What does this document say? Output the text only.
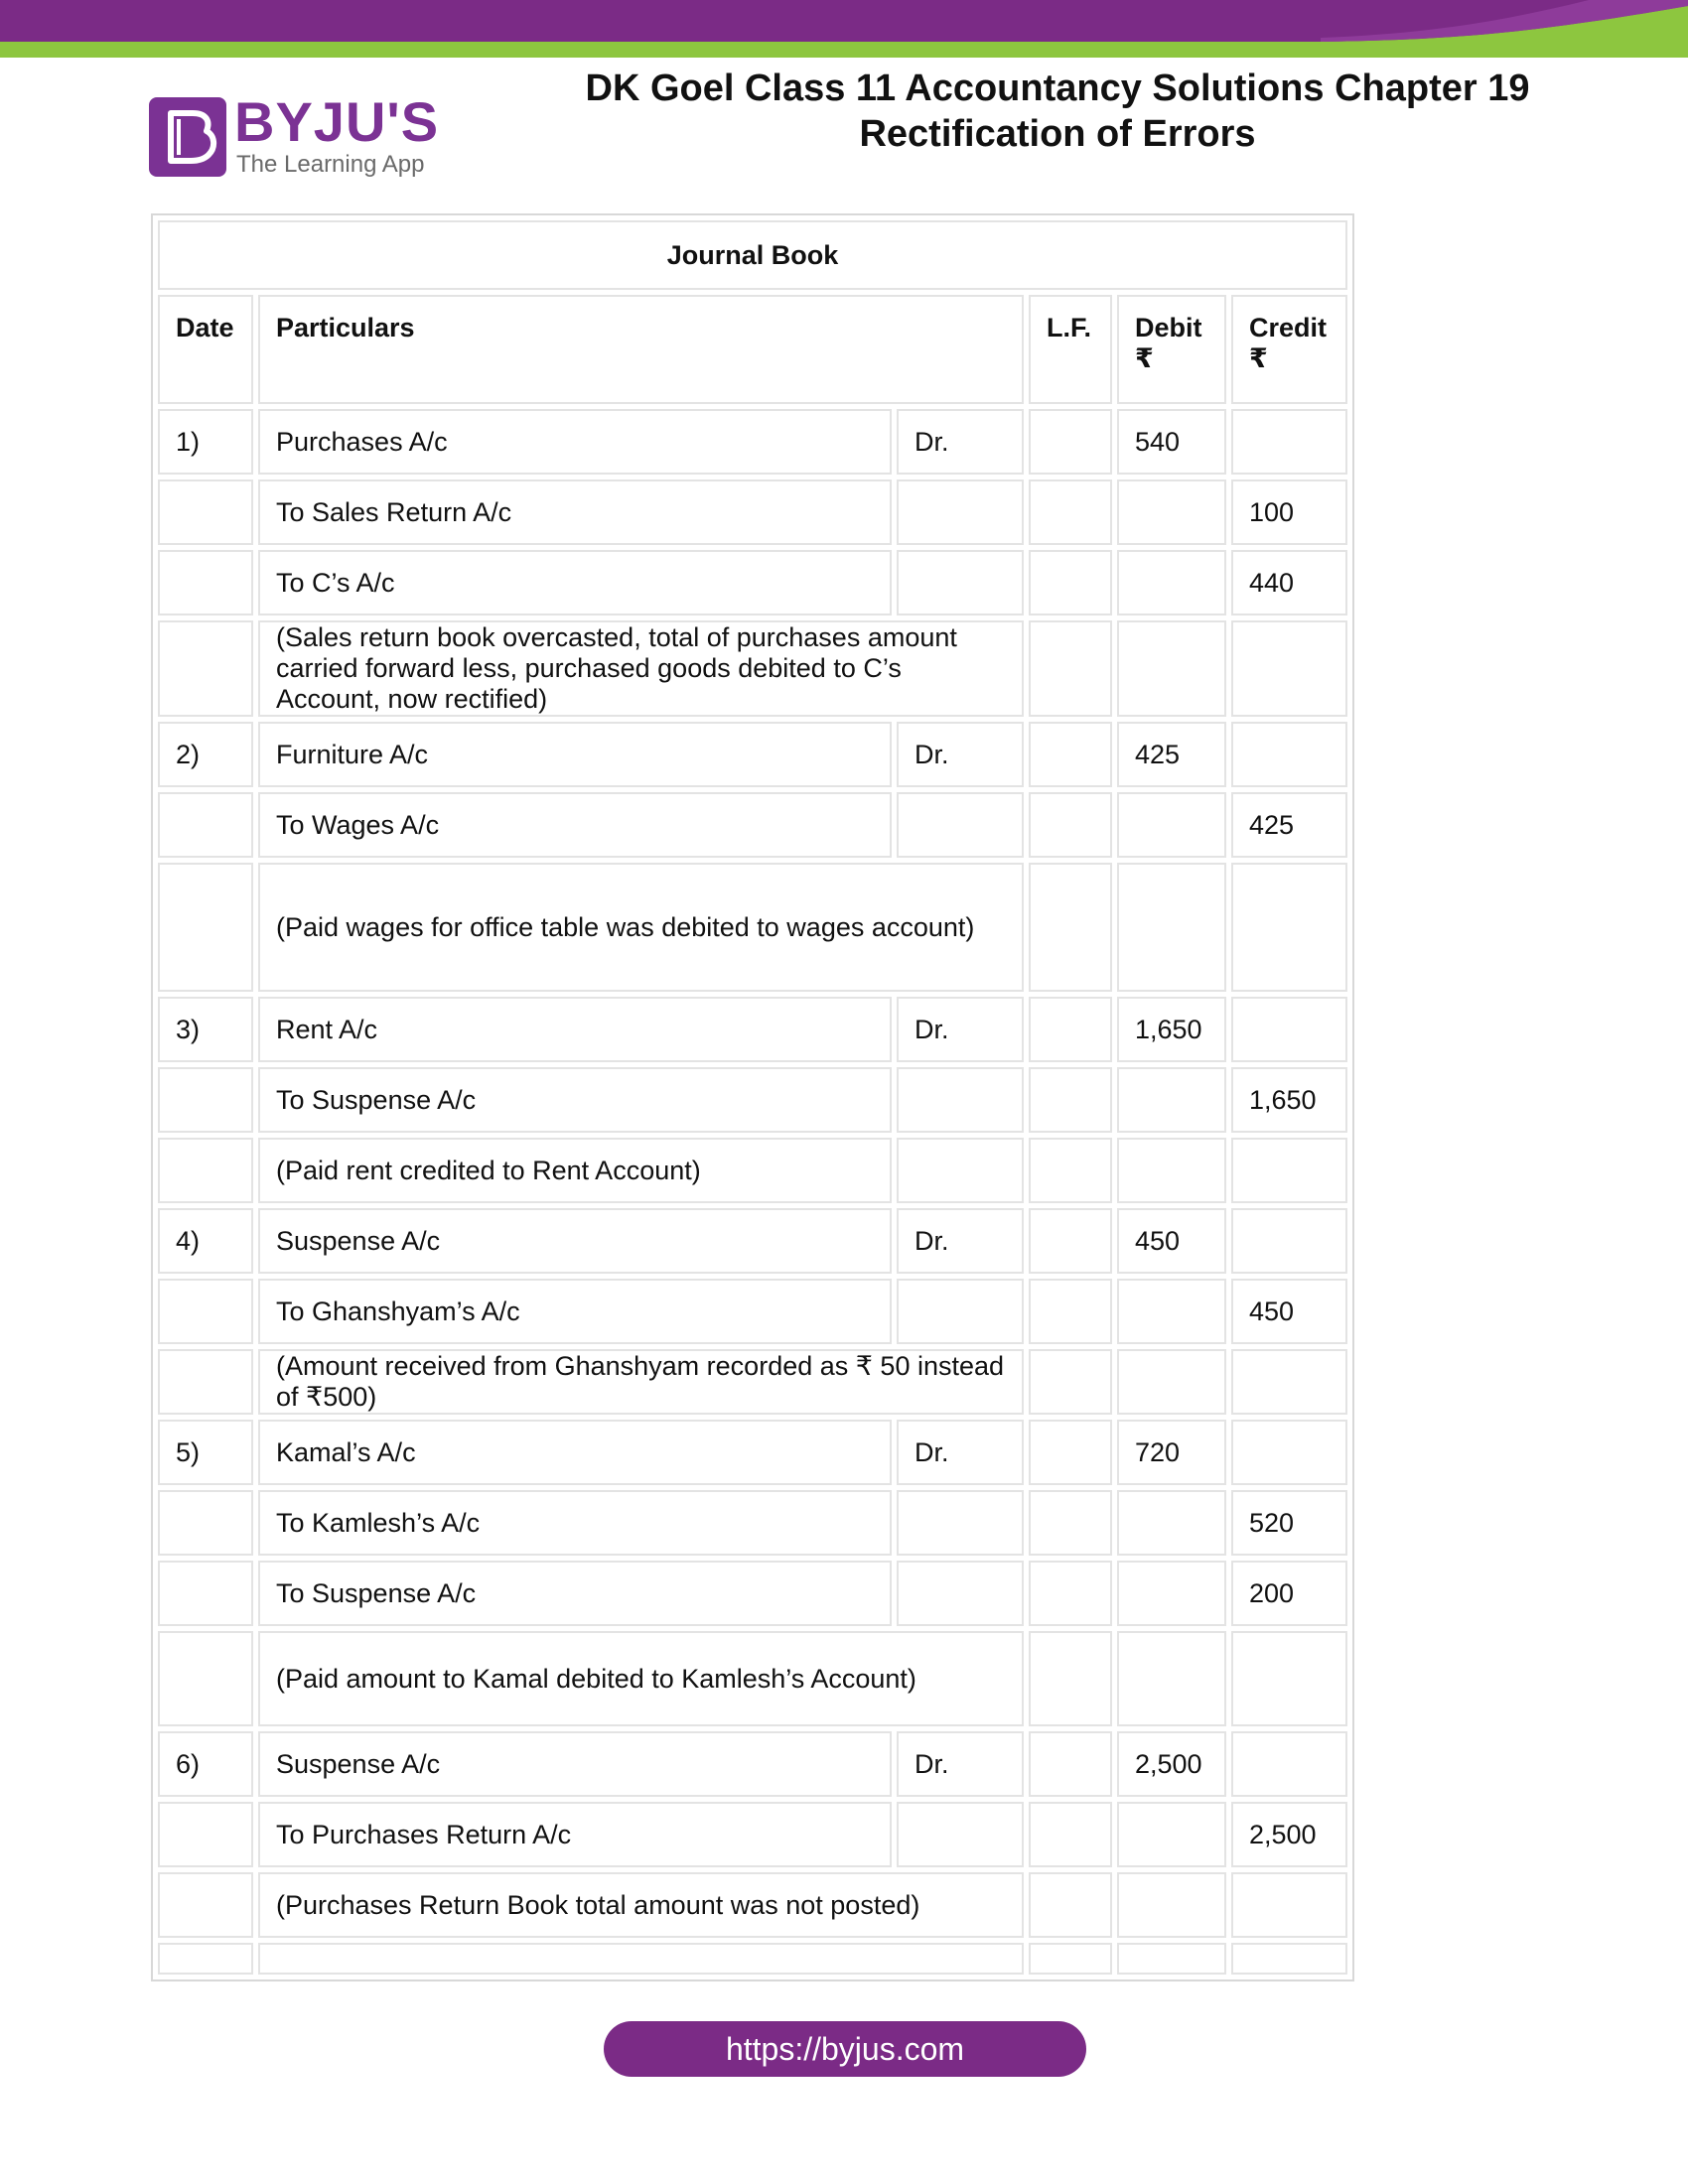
BYJU'S
The Learning App
DK Goel Class 11 Accountancy Solutions Chapter 19
Rectification of Errors
Journal Book					
Date	Particulars		L.F.	Debit ₹	Credit ₹
1)	Purchases A/c	Dr.		540	
	To Sales Return A/c				100
	To C’s A/c				440
	(Sales return book overcasted, total of purchases amount carried forward less, purchased goods debited to C’s Account, now rectified)				
2)	Furniture A/c	Dr.		425	
	To Wages A/c				425
	(Paid wages for office table was debited to wages account)				
3)	Rent A/c	Dr.		1,650	
	To Suspense A/c				1,650
	(Paid rent credited to Rent Account)				
4)	Suspense A/c	Dr.		450	
	To Ghanshyam’s A/c				450
	(Amount received from Ghanshyam recorded as ₹ 50 instead of ₹500)				
5)	Kamal’s A/c	Dr.		720	
	To Kamlesh’s A/c				520
	To Suspense A/c				200
	(Paid amount to Kamal debited to Kamlesh’s Account)				
6)	Suspense A/c	Dr.		2,500	
	To Purchases Return A/c				2,500
	(Purchases Return Book total amount was not posted)				

https://byjus.com
